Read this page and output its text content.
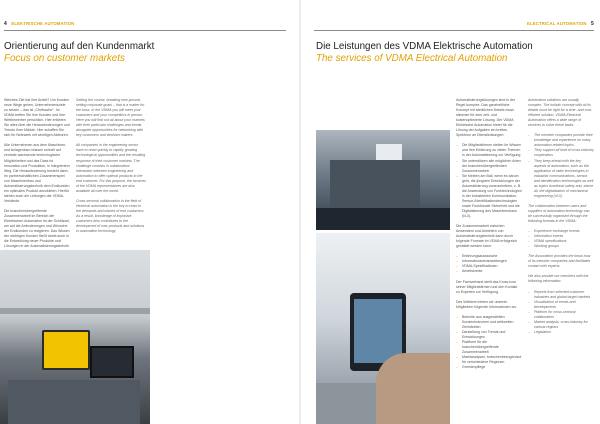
4 ELEKTRISCHE AUTOMATION
Orientierung auf den Kundenmarkt
Focus on customer markets

Welches Ziel hat Ihre Arbeit? Um Kunden neue Wege gehen, Unternehmensziele zu setzen – das ist „Chefsache". Im VDMA treffen Sie ihre Kunden und ihre Wettbewerber persönlich. Hier erfahren Sie alles über die Herausforderungen und Trends Ihrer Märkte. Hier schaffen Sie sich Ihr Netzwerk mit wichtigen Akteuren.

Alle Unternehmen aus dem Maschinen- und Anlagenbau müssen schnell auf zentrale wachsende technologische Möglichkeiten und das Dass ist Innovation und Produktion, in integriertem Weg. Die Herausforderung besteht darin, im partnerschaftlichen Zusammenspiel von Maschinenbau und Automatisierungstechnik dem Endkunden ein optimales Produkt anzubieten. Hierfür stehen auch die Leitungen der VDMA-Verbände.

Die branchenübergreifende Zusammenarbeit im Bereich der Elektrischen Automation ist der Schlüssel, um auf die Anforderungen und Wünsche der Endkunden zu reagieren. Das Wissen der wichtigen Kunden fließt damit auch in die Entwicklung neuer Produkte und Lösungen in der Automatisierungstechnik

Setting the course, breaking new ground, setting corporate goals – that is a matter for the boss. In the VDMA you will meet your customers and your competitors in person. Here you will find out all about your markets with their particular challenges and trends alongside opportunities for networking with key customers and decision makers.

All companies in the engineering sector have to react quickly to rapidly growing technological opportunities and the resulting response of their customer markets. The challenge consists in collaborative interaction between engineering and automation to offer optimal products to the end customer. For this purpose, the services of the VDMA representatives are also available all over the world.

Cross-sectoral collaboration in the field of electrical automation is the key to react to the demands and wishes of end customers. As a result, knowledge of important customers also contributes to the development of new products and solutions in automation technology.

ELECTRICAL AUTOMATION 5
Die Leistungen des VDMA Elektrische Automation
The services of VDMA Electrical Automation

Automatisierungslösungen sind in der Regel komplex. Das ganzheitliche Konzept mit sämtlichen Details muss stimmen für eine zeit- und kostenoptimierte Lösung. Der VDMA Elektrische Automation bietet für die Lösung der Aufgaben ein breites Spektrum an Dienstleistungen:

– Die Mitgliedsfirmen stellen ihr Wissen und ihre Erfahrung zu vielen Themen in der Automatisierung zur Verfügung.
– Sie unterstützen alle möglichen Arten der branchenübergreifenden Zusammenarbeit.
– Sie bleiben am Ball, wenn es darum geht, die jüngsten Entwicklungen der Automatisierung voranzutreiben, z. B. die Anwendung von Funktechnologien in der industriellen Kommunikation, Sensor-/Identifikationstechnologien sowie Funktionale Sicherheit und die Digitalisierung des Maschinenbaus (I4.0).

Die Zusammenarbeit zwischen Anwendern und Anbietern von Automatisierungstechnik kann durch folgende Formate im VDMA erfolgreich gestaltet werden kann:

– Erfahrungsaustausche
– Informationsveranstaltungen
– VDMA-Spezifikationen
– Arbeitskreise

Der Fachverband stellt das Know-how seiner Mitgliedsfirmen und den Kontakt zu Experten zur Verfügung.

Des Weiteren bieten wir unseren Mitgliedern folgende Informationen an:

– Berichte aus ausgewählten Kundenbranchen und weltweiten Zielmärkten
– Darstellung von Trends und Entwicklungen
– Plattform für die branchenübergreifende Zusammenarbeit
– Marktanalysen, branchenbezogen/auf für verschiedene Regionen
– Gremienpflege

Automation solutions are usually complex. The holistic concept with all its details must be right for a time- and cost-efficient solution. VDMA Electrical Automation offers a wide range of services to solve these tasks:

– The member companies provide their knowledge and experience on many automation-related topics.
– They support all kind of cross-industry cooperation.
– They keep ahead with the key aspects of automation, such as the application of radio technologies in industrial communications, sensor and identification technologies as well as topics functional safety and, above all, the digitalisation of mechanical engineering (I4.0).

The collaboration between users and suppliers of automation technology can be successfully organised through the following formats in the VDMA:

– Experience exchange events
– Information events
– VDMA specifications
– Working groups

The Association provides the know-how of its member companies and facilitates contact with experts.

We also provide our members with the following information:

– Reports from selected customer industries and global target markets
– Visualisation of trends and developments
– Platform for cross-sectoral collaboration
– Market analysis, cross-industry for various regions
– Legislation
